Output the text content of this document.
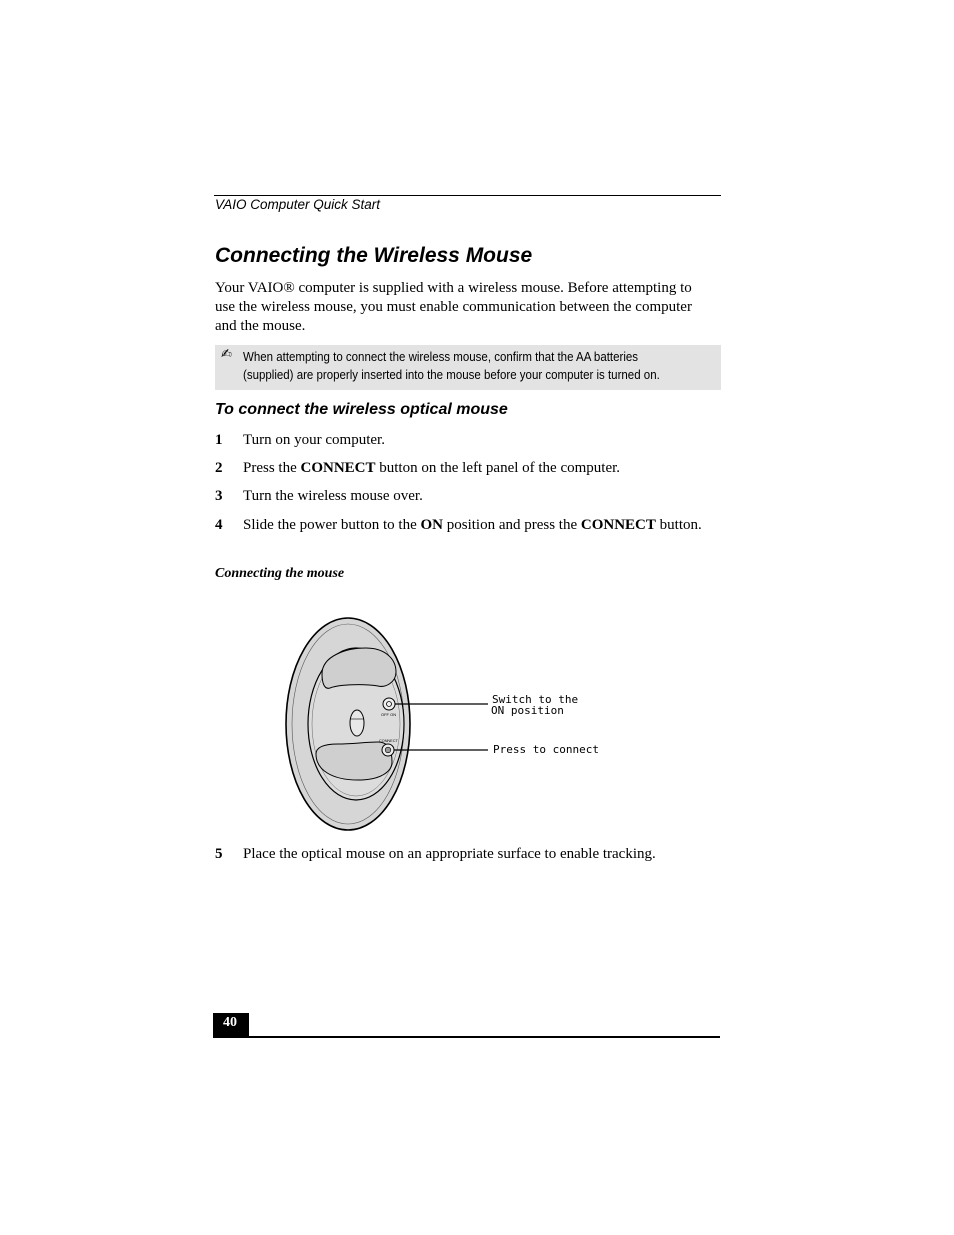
VAIO Computer Quick Start
Connecting the Wireless Mouse
Your VAIO® computer is supplied with a wireless mouse. Before attempting to
use the wireless mouse, you must enable communication between the computer
and the mouse.
✍ When attempting to connect the wireless mouse, confirm that the AA batteries
(supplied) are properly inserted into the mouse before your computer is turned on.
To connect the wireless optical mouse
1 Turn on your computer.
2 Press the CONNECT button on the left panel of the computer.
3 Turn the wireless mouse over.
4 Slide the power button to the ON position and press the CONNECT button.
Connecting the mouse
OFF ON
CONNECT
Switch to the
ON position
Press to connect
5 Place the optical mouse on an appropriate surface to enable tracking.
40
